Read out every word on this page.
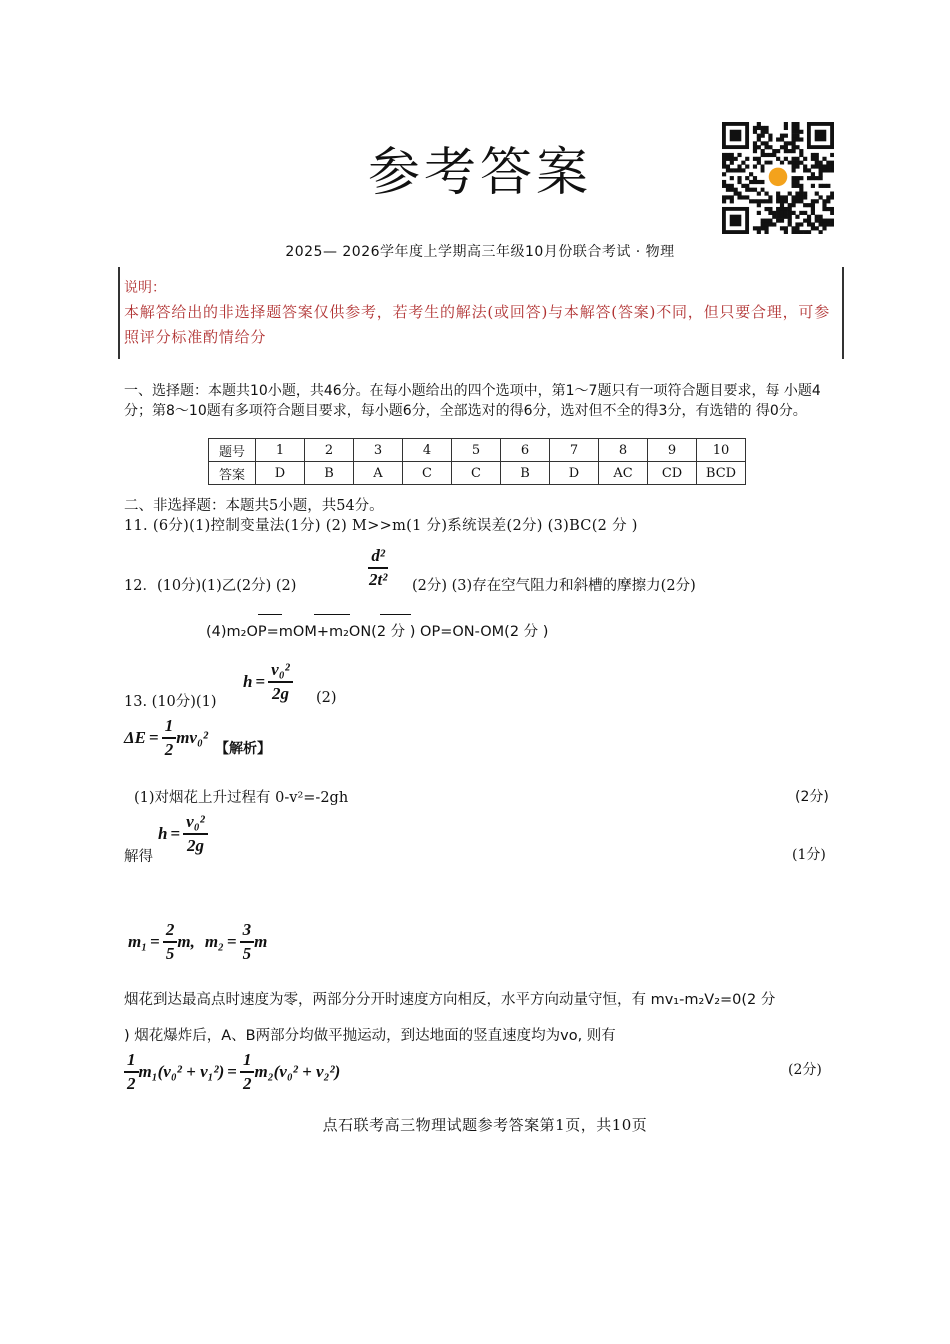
参考答案
2025— 2026学年度上学期高三年级10月份联合考试 · 物理
说明：
本解答给出的非选择题答案仅供参考，若考生的解法(或回答)与本解答(答案)不同，但只要合理，可参照评分标准酌情给分
一、选择题：本题共10小题，共46分。在每小题给出的四个选项中，第1～7题只有一项符合题目要求，每 小题4分；第8～10题有多项符合题目要求，每小题6分，全部选对的得6分，选对但不全的得3分，有选错的 得0分。
题号	1	2	3	4	5	6	7	8	9	10
答案	D	B	A	C	C	B	D	AC	CD	BCD
二、非选择题：本题共5小题，共54分。
11. (6分)(1)控制变量法(1分) (2) M>>m(1 分)系统误差(2分) (3)BC(2 分 )
12．(10分)(1)乙(2分) (2)	$\frac{\text{d²}}{\text{2t²}} (2$分) (3)存在空气阻力和斜槽的摩擦力(2分)
(4)m₂OP=mOM+m₂ON(2 分 ) OP=ON-OM(2 分 )
13. (10分)(1)
$h = \frac{\text{v₀²}}{2g} (2)$
$\Delta E = \frac{1}{2} mv_0^2$
【解析】
(1)对烟花上升过程有 0-v²=-2gh	(2分)
解得
$h = \frac{\text{v₀²}}{2g}$	(1分)
$m_1 = \frac{2}{5} m$, $m_2 = \frac{3}{5}$ m
烟花到达最高点时速度为零，两部分分开时速度方向相反，水平方向动量守恒，有 mv₁-m₂V₂=0(2 分
) 烟花爆炸后，A、B两部分均做平抛运动，到达地面的竖直速度均为vo, 则有
$\frac{1}{2} m_1(v_0^2 + v_1^2) = \frac{1}{2} m_2(v_0^2 + v_2^2)$	(2分)
点石联考高三物理试题参考答案第1页，共10页
